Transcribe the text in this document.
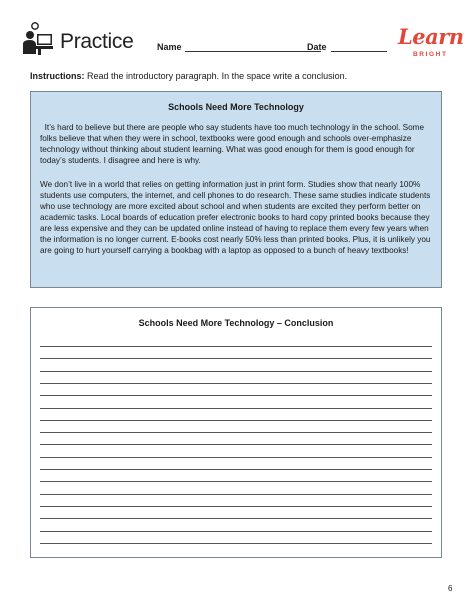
Practice	Name	Date	Learn
BRIGHT
Instructions: Read the introductory paragraph. In the space write a conclusion.
Schools Need More Technology

It’s hard to believe but there are people who say students have too much technology in the school. Some folks believe that when they were in school, textbooks were good enough and schools over-emphasize technology without thinking about student learning. What was good enough for them is good enough for today’s students. I disagree and here is why.

We don’t live in a world that relies on getting information just in print form. Studies show that nearly 100% students use computers, the internet, and cell phones to do research. These same studies indicate students who use technology are more excited about school and when students are excited they perform better on academic tasks. Local boards of education prefer electronic books to hard copy printed books because they are less expensive and they can be updated online instead of having to replace them every few years when the information is no longer current. E-books cost nearly 50% less than printed books. Plus, it is unlikely you are going to hurt yourself carrying a bookbag with a laptop as opposed to a bunch of heavy textbooks!

Schools Need More Technology – Conclusion
6
